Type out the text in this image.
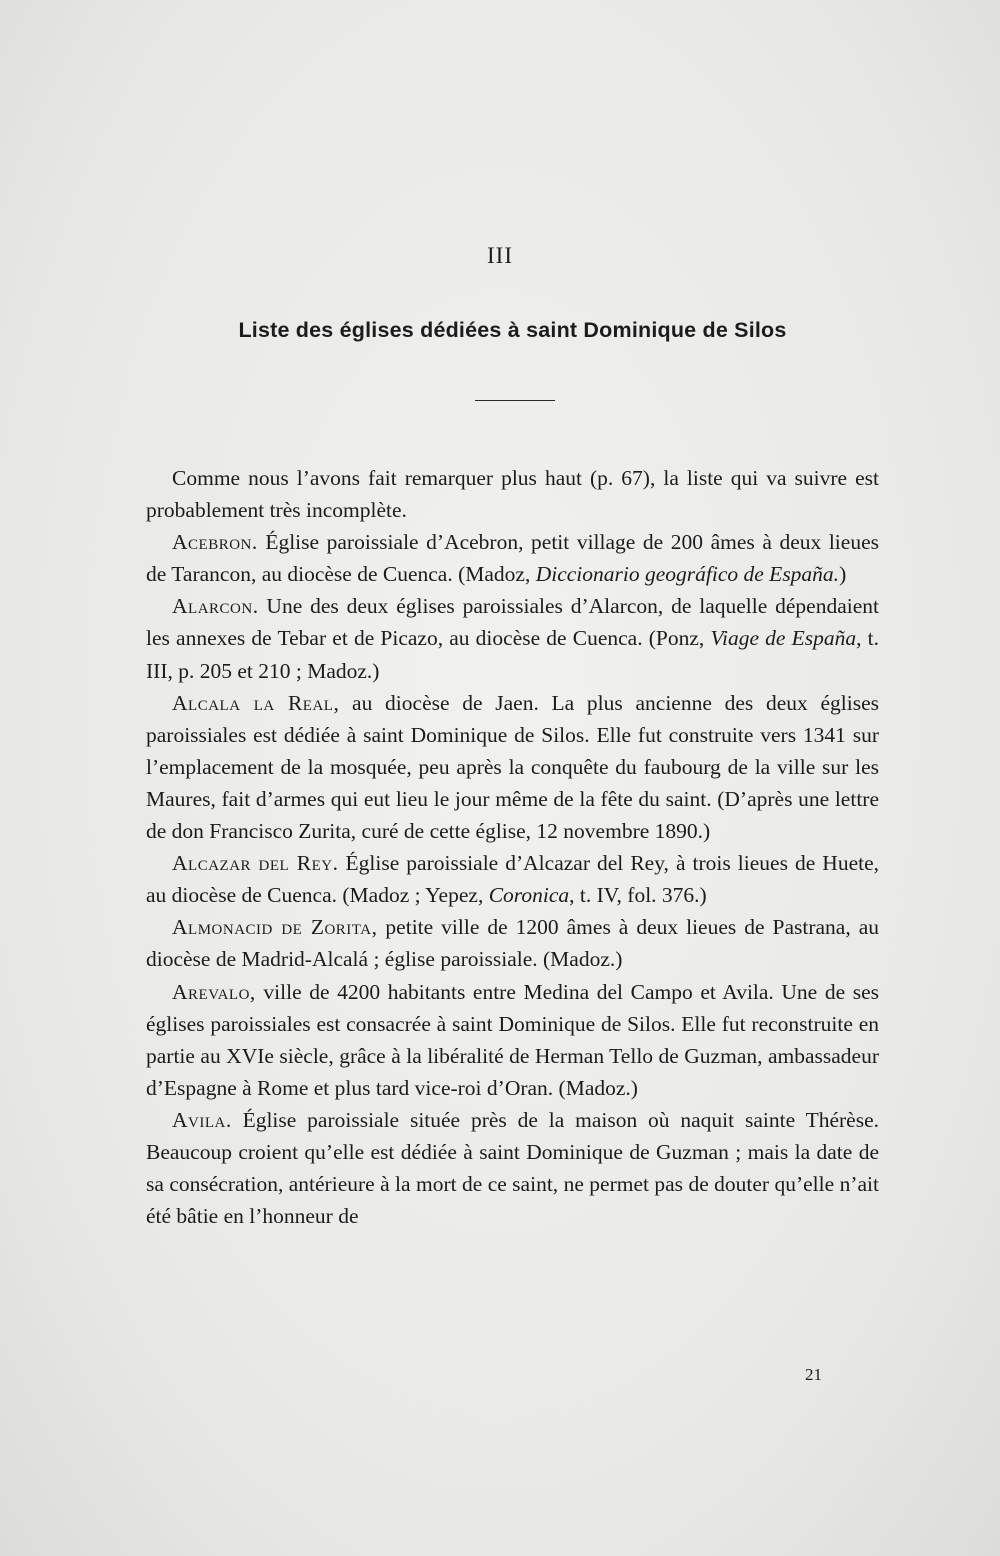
III
Liste des églises dédiées à saint Dominique de Silos

Comme nous l’avons fait remarquer plus haut (p. 67), la liste qui va suivre est probablement très incomplète.

Acebron. Église paroissiale d’Acebron, petit village de 200 âmes à deux lieues de Tarancon, au diocèse de Cuenca. (Madoz, Diccionario geográfico de España.)

Alarcon. Une des deux églises paroissiales d’Alarcon, de laquelle dépendaient les annexes de Tebar et de Picazo, au diocèse de Cuenca. (Ponz, Viage de España, t. III, p. 205 et 210 ; Madoz.)

Alcala la Real, au diocèse de Jaen. La plus ancienne des deux églises paroissiales est dédiée à saint Dominique de Silos. Elle fut construite vers 1341 sur l’emplacement de la mosquée, peu après la conquête du faubourg de la ville sur les Maures, fait d’armes qui eut lieu le jour même de la fête du saint. (D’après une lettre de don Francisco Zurita, curé de cette église, 12 novembre 1890.)

Alcazar del Rey. Église paroissiale d’Alcazar del Rey, à trois lieues de Huete, au diocèse de Cuenca. (Madoz ; Yepez, Coronica, t. IV, fol. 376.)

Almonacid de Zorita, petite ville de 1200 âmes à deux lieues de Pastrana, au diocèse de Madrid-Alcalá ; église paroissiale. (Madoz.)

Arevalo, ville de 4200 habitants entre Medina del Campo et Avila. Une de ses églises paroissiales est consacrée à saint Dominique de Silos. Elle fut reconstruite en partie au XVIe siècle, grâce à la libéralité de Herman Tello de Guzman, ambassadeur d’Espagne à Rome et plus tard vice-roi d’Oran. (Madoz.)

Avila. Église paroissiale située près de la maison où naquit sainte Thérèse. Beaucoup croient qu’elle est dédiée à saint Dominique de Guzman ; mais la date de sa consécration, antérieure à la mort de ce saint, ne permet pas de douter qu’elle n’ait été bâtie en l’honneur de

21
